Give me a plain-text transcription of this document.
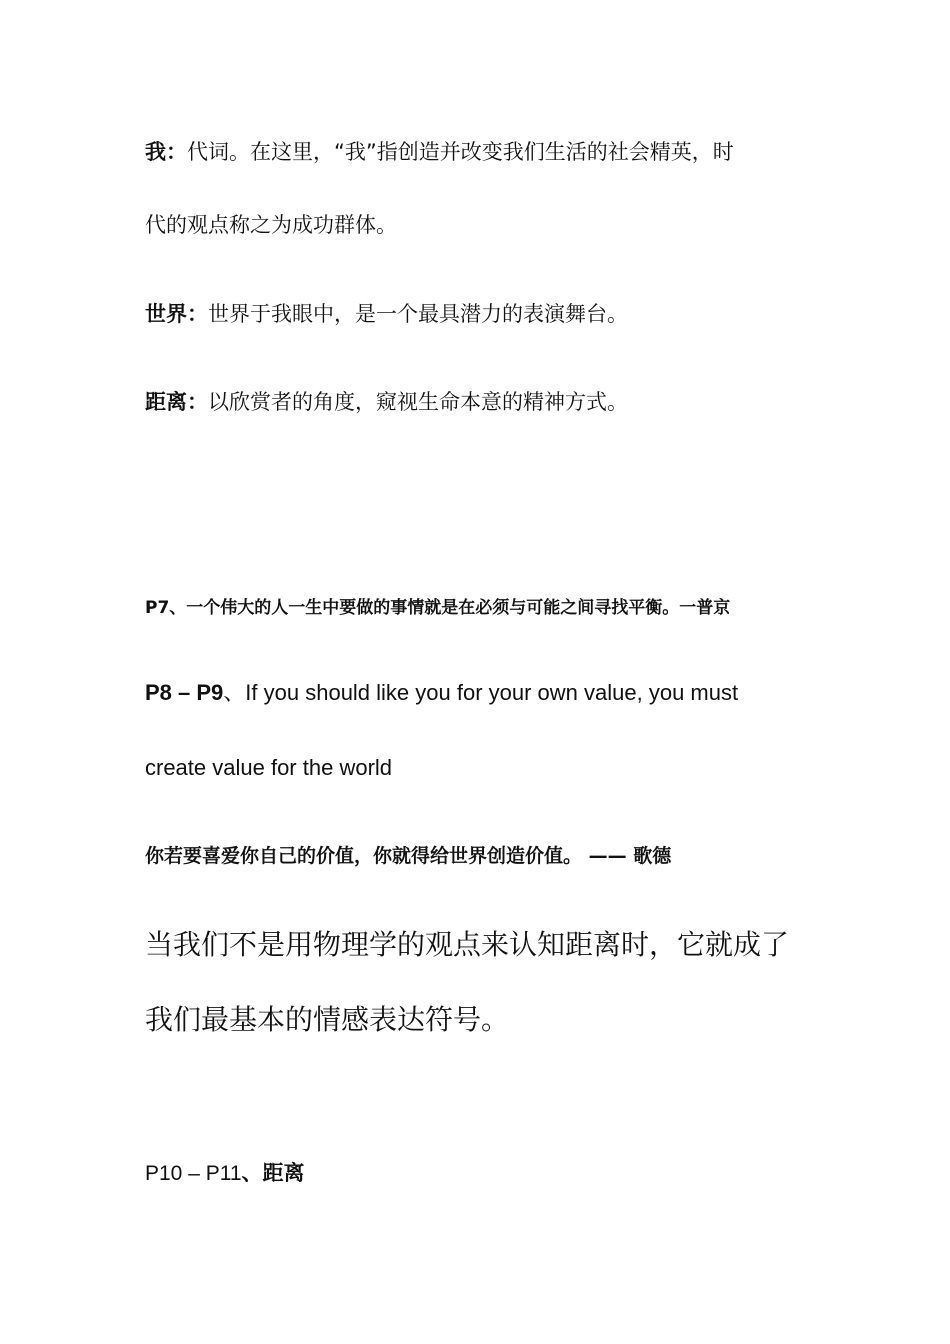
我：代词。在这里，“我”指创造并改变我们生活的社会精英，时

代的观点称之为成功群体。

世界：世界于我眼中，是一个最具潜力的表演舞台。

距离：以欣赏者的角度，窥视生命本意的精神方式。

P7、一个伟大的人一生中要做的事情就是在必须与可能之间寻找平衡。一普京

P8 – P9、If you should like you for your own value, you must

create value for the world

你若要喜爱你自己的价值，你就得给世界创造价值。 —— 歌德

当我们不是用物理学的观点来认知距离时，它就成了

我们最基本的情感表达符号。

P10 – P11、距离
